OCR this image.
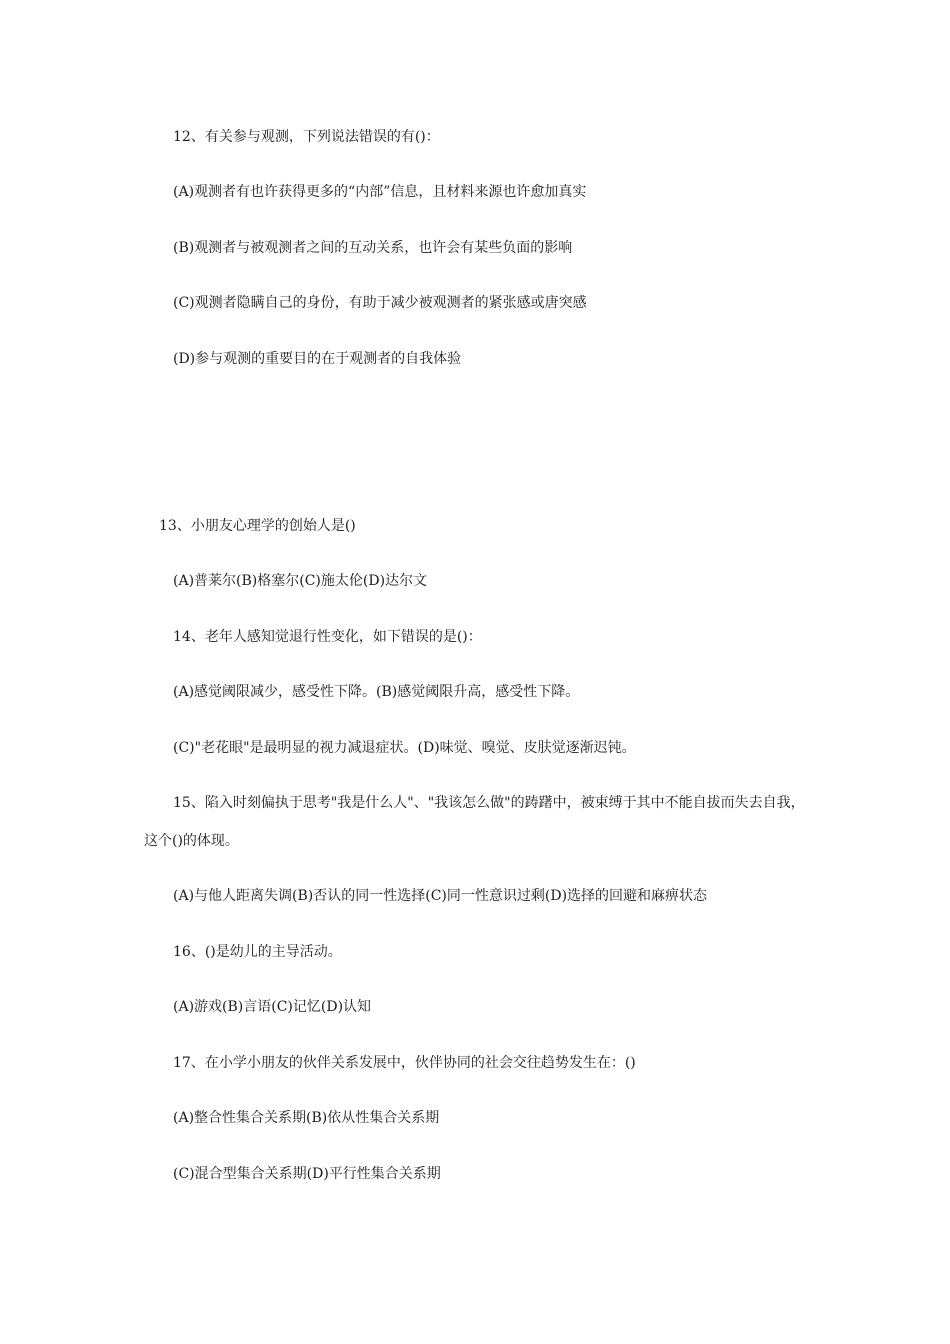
12、有关参与观测，下列说法错误的有()：
(A)观测者有也许获得更多的“内部”信息，且材料来源也许愈加真实
(B)观测者与被观测者之间的互动关系，也许会有某些负面的影响
(C)观测者隐瞒自己的身份，有助于减少被观测者的紧张感或唐突感
(D)参与观测的重要目的在于观测者的自我体验
13、小朋友心理学的创始人是()
(A)普莱尔(B)格塞尔(C)施太伦(D)达尔文
14、老年人感知觉退行性变化，如下错误的是()：
(A)感觉阈限减少，感受性下降。(B)感觉阈限升高，感受性下降。
(C)"老花眼"是最明显的视力减退症状。(D)味觉、嗅觉、皮肤觉逐渐迟钝。
15、陷入时刻偏执于思考"我是什么人"、"我该怎么做"的踌躇中，被束缚于其中不能自拔而失去自我，
这个()的体现。
(A)与他人距离失调(B)否认的同一性选择(C)同一性意识过剩(D)选择的回避和麻痹状态
16、()是幼儿的主导活动。
(A)游戏(B)言语(C)记忆(D)认知
17、在小学小朋友的伙伴关系发展中，伙伴协同的社会交往趋势发生在：()
(A)整合性集合关系期(B)依从性集合关系期
(C)混合型集合关系期(D)平行性集合关系期
